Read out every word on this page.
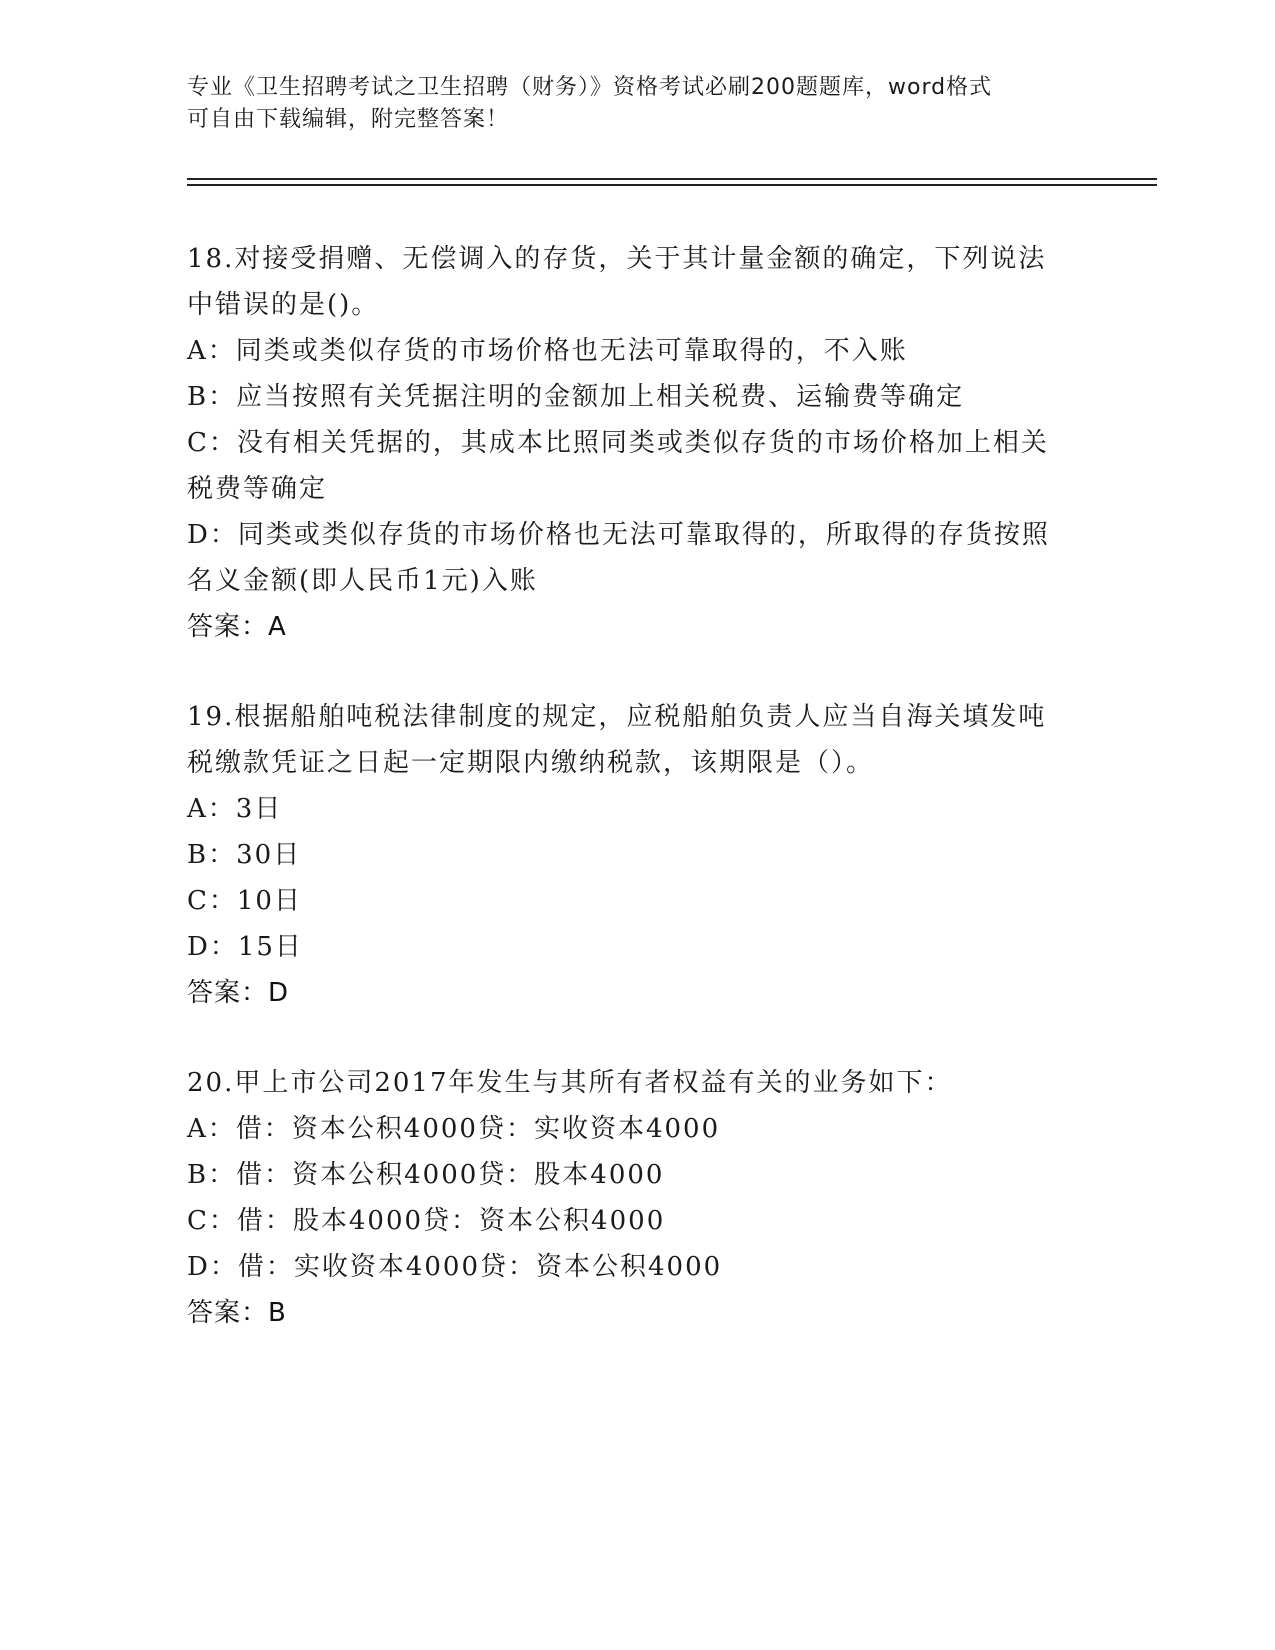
专业《卫生招聘考试之卫生招聘（财务）》资格考试必刷200题题库，word格式
可自由下载编辑，附完整答案！
18.对接受捐赠、无偿调入的存货，关于其计量金额的确定，下列说法
中错误的是()。
A：同类或类似存货的市场价格也无法可靠取得的，不入账
B：应当按照有关凭据注明的金额加上相关税费、运输费等确定
C：没有相关凭据的，其成本比照同类或类似存货的市场价格加上相关
税费等确定
D：同类或类似存货的市场价格也无法可靠取得的，所取得的存货按照
名义金额(即人民币1元)入账
答案：A
19.根据船舶吨税法律制度的规定，应税船舶负责人应当自海关填发吨
税缴款凭证之日起一定期限内缴纳税款，该期限是（）。
A：3日
B：30日
C：10日
D：15日
答案：D
20.甲上市公司2017年发生与其所有者权益有关的业务如下：
A：借：资本公积4000贷：实收资本4000
B：借：资本公积4000贷：股本4000
C：借：股本4000贷：资本公积4000
D：借：实收资本4000贷：资本公积4000
答案：B
